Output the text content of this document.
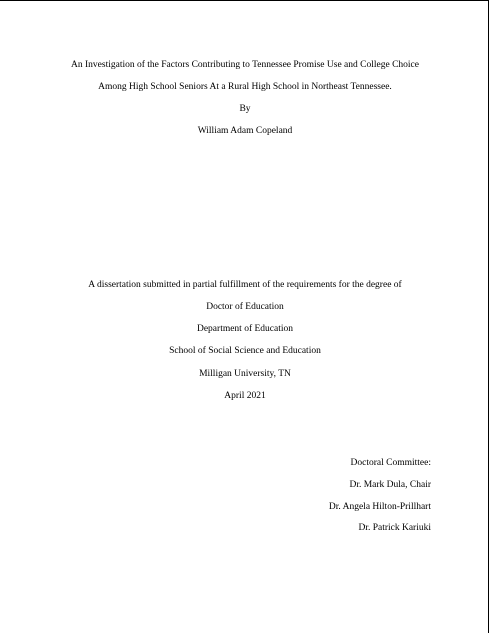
An Investigation of the Factors Contributing to Tennessee Promise Use and College Choice
Among High School Seniors At a Rural High School in Northeast Tennessee.
By
William Adam Copeland
A dissertation submitted in partial fulfillment of the requirements for the degree of
Doctor of Education
Department of Education
School of Social Science and Education
Milligan University, TN
April 2021
Doctoral Committee:
Dr. Mark Dula, Chair
Dr. Angela Hilton-Prillhart
Dr. Patrick Kariuki
